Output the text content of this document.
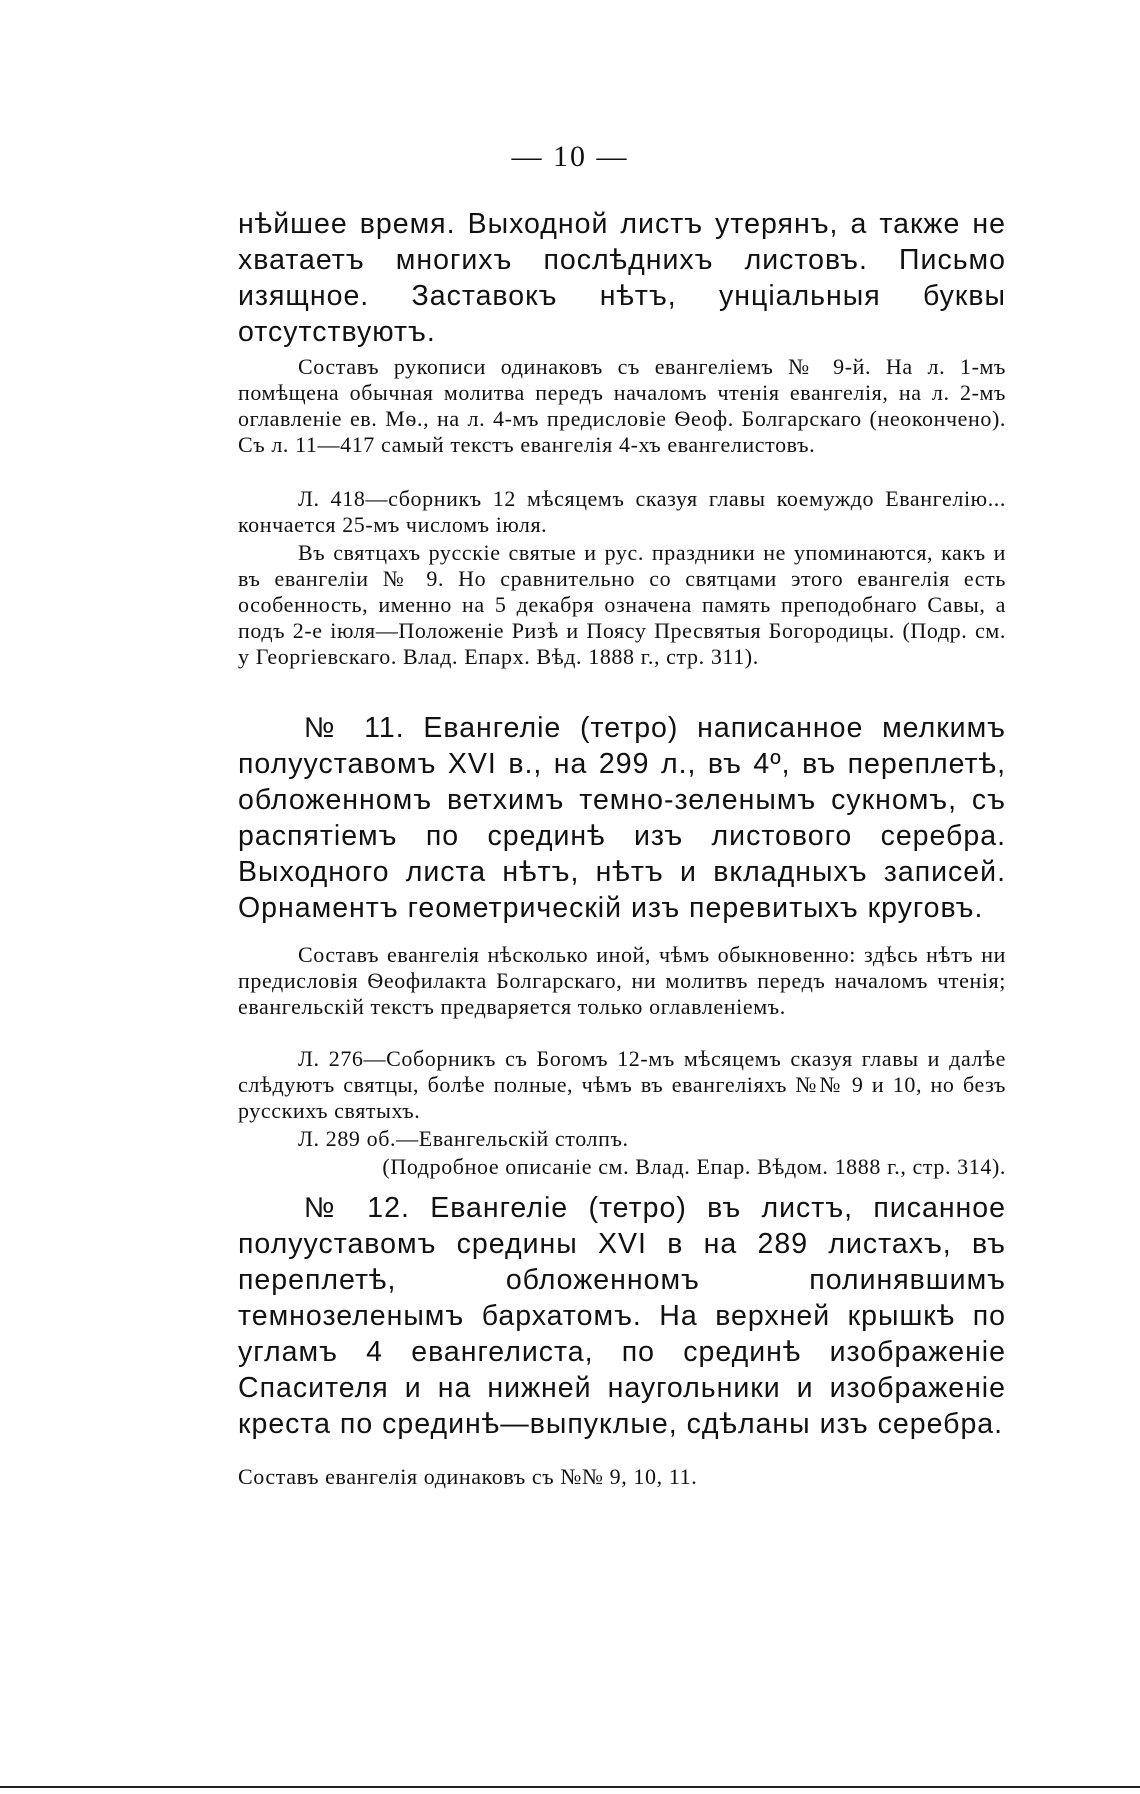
— 10 —

нѣйшее время. Выходной листъ утерянъ, а также не хватаетъ многихъ послѣднихъ листовъ. Письмо изящное. Заставокъ нѣтъ, унціальныя буквы отсутствуютъ.

Составъ рукописи одинаковъ съ евангеліемъ № 9-й. На л. 1-мъ помѣщена обычная молитва передъ началомъ чтенія евангелія, на л. 2-мъ оглавленіе ев. Мѳ., на л. 4-мъ предисловіе Ѳеоф. Болгарскаго (неокончено). Съ л. 11—417 самый текстъ евангелія 4-хъ евангелистовъ.

Л. 418—сборникъ 12 мѣсяцемъ сказуя главы коемуждо Евангелію... кончается 25-мъ числомъ іюля.

Въ святцахъ русскіе святые и рус. праздники не упоминаются, какъ и въ евангеліи № 9. Но сравнительно со святцами этого евангелія есть особенность, именно на 5 декабря означена память преподобнаго Савы, а подъ 2-е іюля—Положеніе Ризѣ и Поясу Пресвятыя Богородицы. (Подр. см. у Георгіевскаго. Влад. Епарх. Вѣд. 1888 г., стр. 311).

№ 11. Евангеліе (тетро) написанное мелкимъ полууставомъ XVI в., на 299 л., въ 4º, въ переплетѣ, обложенномъ ветхимъ темно-зеленымъ сукномъ, съ распятіемъ по срединѣ изъ листового серебра. Выходного листа нѣтъ, нѣтъ и вкладныхъ записей. Орнаментъ геометрическій изъ перевитыхъ круговъ.

Составъ евангелія нѣсколько иной, чѣмъ обыкновенно: здѣсь нѣтъ ни предисловія Ѳеофилакта Болгарскаго, ни молитвъ передъ началомъ чтенія; евангельскій текстъ предваряется только оглавленіемъ.

Л. 276—Соборникъ съ Богомъ 12-мъ мѣсяцемъ сказуя главы и далѣе слѣдуютъ святцы, болѣе полные, чѣмъ въ евангеліяхъ №№ 9 и 10, но безъ русскихъ святыхъ.

Л. 289 об.—Евангельскій столпъ.

(Подробное описаніе см. Влад. Епар. Вѣдом. 1888 г., стр. 314).

№ 12. Евангеліе (тетро) въ листъ, писанное полууставомъ средины XVI в на 289 листахъ, въ переплетѣ, обложенномъ полинявшимъ темнозеленымъ бархатомъ. На верхней крышкѣ по угламъ 4 евангелиста, по срединѣ изображеніе Спасителя и на нижней наугольники и изображеніе креста по срединѣ—выпуклые, сдѣланы изъ серебра.

Составъ евангелія одинаковъ съ №№ 9, 10, 11.
